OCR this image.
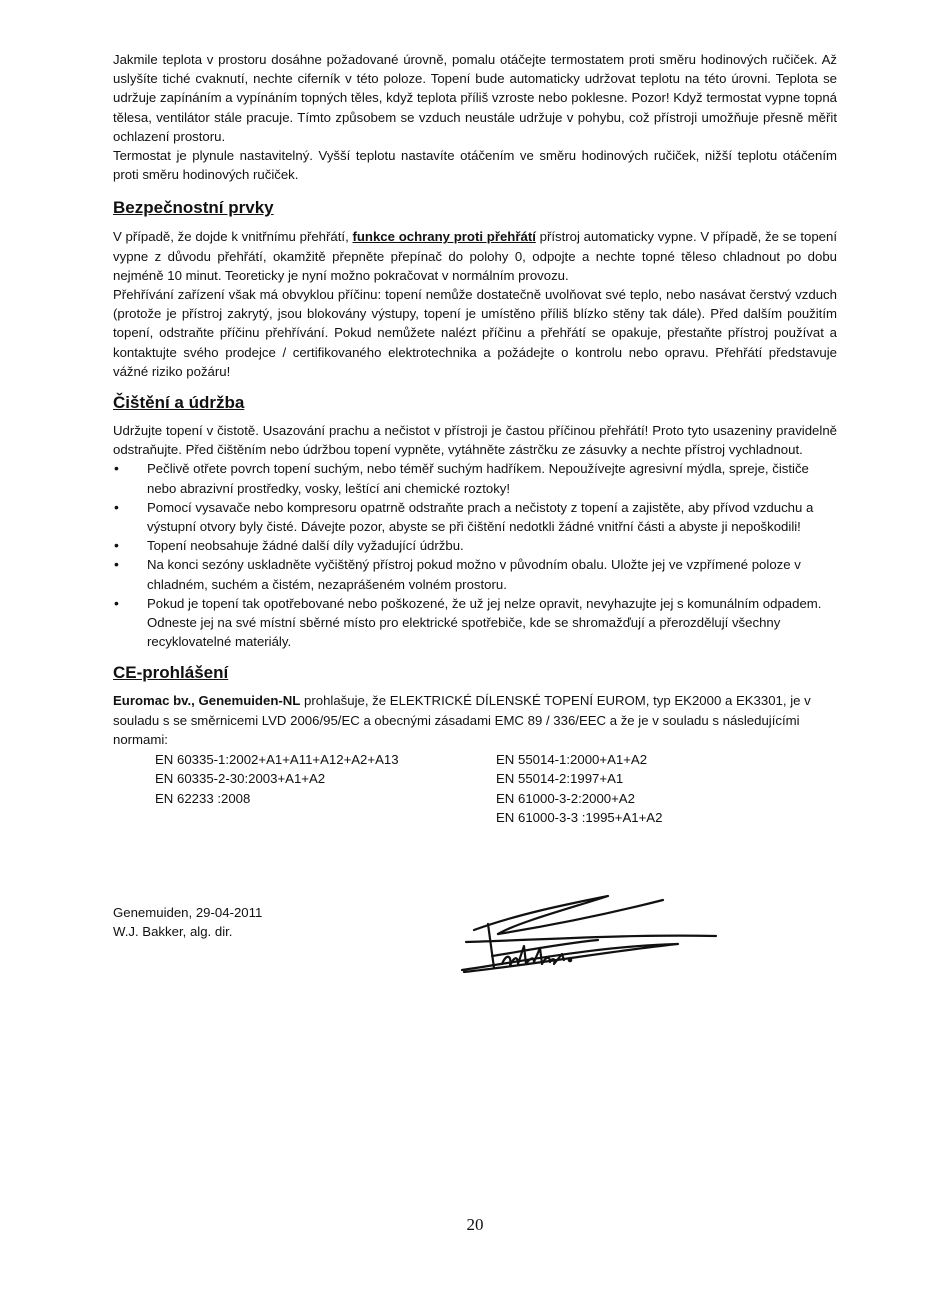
Jakmile teplota v prostoru dosáhne požadované úrovně, pomalu otáčejte termostatem proti směru hodinových ručiček. Až uslyšíte tiché cvaknutí, nechte ciferník v této poloze. Topení bude automaticky udržovat teplotu na této úrovni. Teplota se udržuje zapínáním a vypínáním topných těles, když teplota příliš vzroste nebo poklesne. Pozor! Když termostat vypne topná tělesa, ventilátor stále pracuje. Tímto způsobem se vzduch neustále udržuje v pohybu, což přístroji umožňuje přesně měřit ochlazení prostoru.

Termostat je plynule nastavitelný. Vyšší teplotu nastavíte otáčením ve směru hodinových ručiček, nižší teplotu otáčením proti směru hodinových ručiček.

Bezpečnostní prvky

V případě, že dojde k vnitřnímu přehřátí, funkce ochrany proti přehřátí přístroj automaticky vypne. V případě, že se topení vypne z důvodu přehřátí, okamžitě přepněte přepínač do polohy 0, odpojte a nechte topné těleso chladnout po dobu nejméně 10 minut. Teoreticky je nyní možno pokračovat v normálním provozu.

Přehřívání zařízení však má obvyklou příčinu: topení nemůže dostatečně uvolňovat své teplo, nebo nasávat čerstvý vzduch (protože je přístroj zakrytý, jsou blokovány výstupy, topení je umístěno příliš blízko stěny tak dále). Před dalším použitím topení, odstraňte příčinu přehřívání. Pokud nemůžete nalézt příčinu a přehřátí se opakuje, přestaňte přístroj používat a kontaktujte svého prodejce / certifikovaného elektrotechnika a požádejte o kontrolu nebo opravu. Přehřátí představuje vážné riziko požáru!

Čištění a údržba

Udržujte topení v čistotě. Usazování prachu a nečistot v přístroji je častou příčinou přehřátí! Proto tyto usazeniny pravidelně odstraňujte. Před čištěním nebo údržbou topení vypněte, vytáhněte zástrčku ze zásuvky a nechte přístroj vychladnout.

• Pečlivě otřete povrch topení suchým, nebo téměř suchým hadříkem. Nepoužívejte agresivní mýdla, spreje, čističe nebo abrazivní prostředky, vosky, leštící ani chemické roztoky!
• Pomocí vysavače nebo kompresoru opatrně odstraňte prach a nečistoty z topení a zajistěte, aby přívod vzduchu a výstupní otvory byly čisté. Dávejte pozor, abyste se při čištění nedotkli žádné vnitřní části a abyste ji nepoškodili!
• Topení neobsahuje žádné další díly vyžadující údržbu.
• Na konci sezóny uskladněte vyčištěný přístroj pokud možno v původním obalu. Uložte jej ve vzpřímené poloze v chladném, suchém a čistém, nezaprášeném volném prostoru.
• Pokud je topení tak opotřebované nebo poškozené, že už jej nelze opravit, nevyhazujte jej s komunálním odpadem. Odneste jej na své místní sběrné místo pro elektrické spotřebiče, kde se shromažďují a přerozdělují všechny recyklovatelné materiály.
CE-prohlášení

Euromac bv., Genemuiden-NL prohlašuje, že ELEKTRICKÉ DÍLENSKÉ TOPENÍ EUROM, typ EK2000 a EK3301, je v souladu s se směrnicemi LVD 2006/95/EC a obecnými zásadami EMC 89 / 336/EEC a že je v souladu s následujícími normami:

EN 60335-1:2002+A1+A11+A12+A2+A13
EN 60335-2-30:2003+A1+A2
EN 62233 :2008
EN 55014-1:2000+A1+A2
EN 55014-2:1997+A1
EN 61000-3-2:2000+A2
EN 61000-3-3 :1995+A1+A2
Genemuiden, 29-04-2011
W.J. Bakker, alg. dir.
20
